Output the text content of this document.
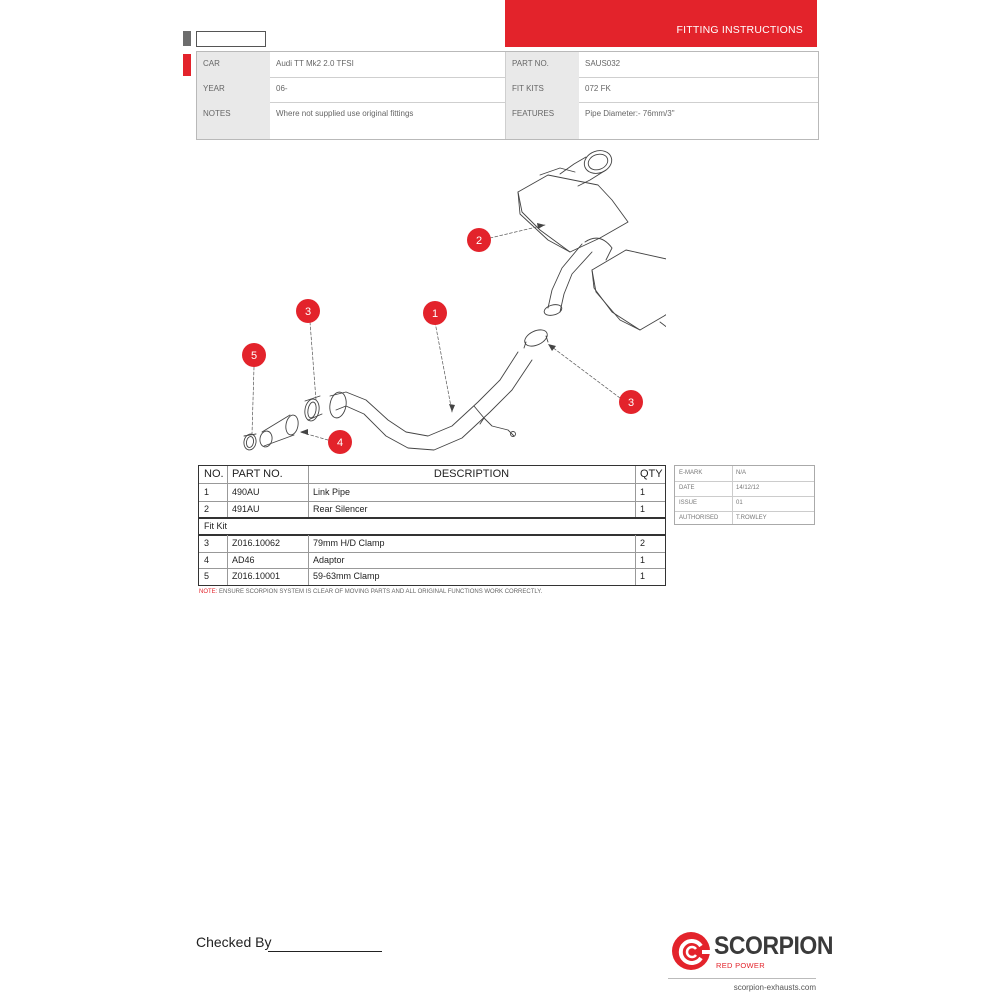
FITTING INSTRUCTIONS
CAR	Audi TT Mk2 2.0 TFSI	PART NO.	SAUS032
YEAR	06-	FIT KITS	072 FK
NOTES	Where not supplied use original fittings	FEATURES	Pipe Diameter:- 76mm/3"
1
2
3
3
4
5
NO. PART NO.	DESCRIPTION	QTY
1	490AU	Link Pipe	1
2	491AU	Rear Silencer	1
Fit Kit
3	Z016.10062	79mm H/D Clamp	2
4	AD46	Adaptor	1
5	Z016.10001	59-63mm Clamp	1
NOTE: ENSURE SCORPION SYSTEM IS CLEAR OF MOVING PARTS AND ALL ORIGINAL FUNCTIONS WORK CORRECTLY.
E-MARK	N/A
DATE	14/12/12
ISSUE	01
AUTHORISED	T.ROWLEY
Checked By	SCORPION
RED POWER
scorpion-exhausts.com
